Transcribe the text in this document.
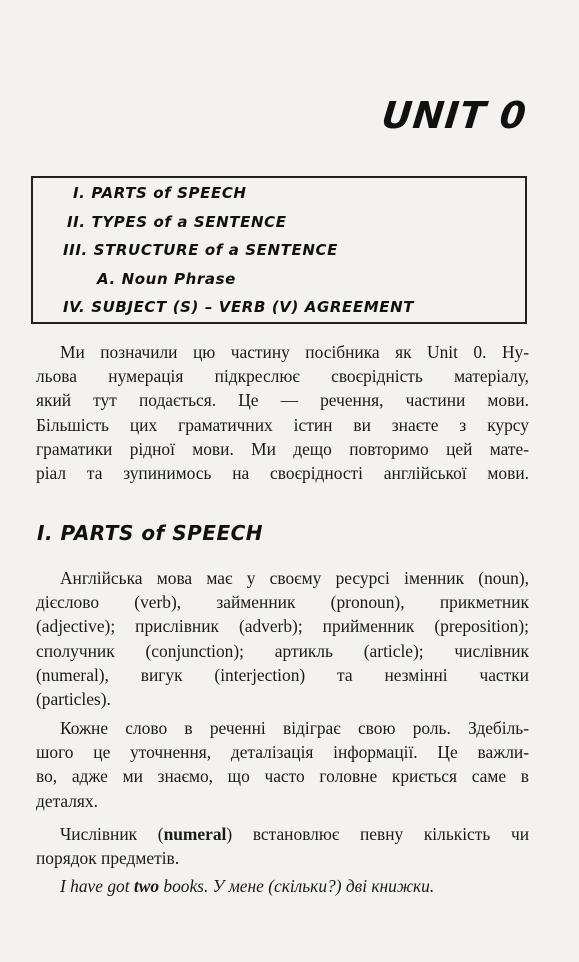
UNIT 0
I. PARTS of SPEECH
II. TYPES of a SENTENCE
III. STRUCTURE of a SENTENCE
A. Noun Phrase
IV. SUBJECT (S) – VERB (V) AGREEMENT
Ми позначили цю частину посібника як Unit 0. Ну-
льова нумерація підкреслює своєрідність матеріалу,
який тут подається. Це — речення, частини мови.
Більшість цих граматичних істин ви знаєте з курсу
граматики рідної мови. Ми дещо повторимо цей мате-
ріал та зупинимось на своєрідності англійської мови.
I. PARTS of SPEECH
Англійська мова має у своєму ресурсі іменник (noun),
дієслово (verb), займенник (pronoun), прикметник
(adjective); прислівник (adverb); прийменник (preposition);
сполучник (conjunction); артикль (article); числівник
(numeral), вигук (interjection) та незмінні частки
(particles).
Кожне слово в реченні відіграє свою роль. Здебіль-
шого це уточнення, деталізація інформації. Це важли-
во, адже ми знаємо, що часто головне криється саме в
деталях.
Числівник (numeral) встановлює певну кількість чи
порядок предметів.
I have got two books. У мене (скільки?) дві книжки.
